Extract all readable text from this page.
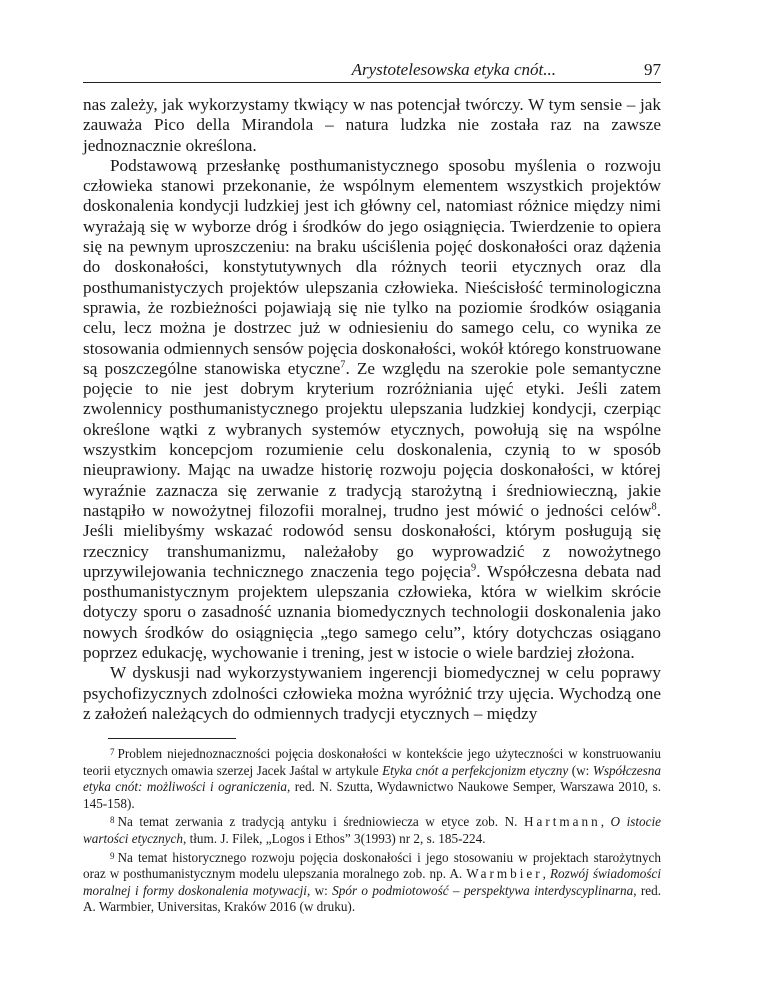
Arystotelesowska etyka cnót...	97

nas zależy, jak wykorzystamy tkwiący w nas potencjał twórczy. W tym sensie – jak zauważa Pico della Mirandola – natura ludzka nie została raz na zawsze jednoznacznie określona.

Podstawową przesłankę posthumanistycznego sposobu myślenia o rozwoju człowieka stanowi przekonanie, że wspólnym elementem wszystkich projektów doskonalenia kondycji ludzkiej jest ich główny cel, natomiast różnice między nimi wyrażają się w wyborze dróg i środków do jego osiągnięcia. Twierdzenie to opiera się na pewnym uproszczeniu: na braku uściślenia pojęć doskonałości oraz dążenia do doskonałości, konstytutywnych dla różnych teorii etycznych oraz dla posthumanistyczych projektów ulepszania człowieka. Nieścisłość terminologiczna sprawia, że rozbieżności pojawiają się nie tylko na poziomie środków osiągania celu, lecz można je dostrzec już w odniesieniu do samego celu, co wynika ze stosowania odmiennych sensów pojęcia doskonałości, wokół którego konstruowane są poszczególne stanowiska etyczne$^7$. Ze względu na szerokie pole semantyczne pojęcie to nie jest dobrym kryterium rozróżniania ujęć etyki. Jeśli zatem zwolennicy posthumanistycznego projektu ulepszania ludzkiej kondycji, czerpiąc określone wątki z wybranych systemów etycznych, powołują się na wspólne wszystkim koncepcjom rozumienie celu doskonalenia, czynią to w sposób nieuprawiony. Mając na uwadze historię rozwoju pojęcia doskonałości, w której wyraźnie zaznacza się zerwanie z tradycją starożytną i średniowieczną, jakie nastąpiło w nowożytnej filozofii moralnej, trudno jest mówić o jedności celów$^8$. Jeśli mielibyśmy wskazać rodowód sensu doskonałości, którym posługują się rzecznicy transhumanizmu, należałoby go wyprowadzić z nowożytnego uprzywilejowania technicznego znaczenia tego pojęcia$^9$. Współczesna debata nad posthumanistycznym projektem ulepszania człowieka, która w wielkim skrócie dotyczy sporu o zasadność uznania biomedycznych technologii doskonalenia jako nowych środków do osiągnięcia „tego samego celu”, który dotychczas osiągano poprzez edukację, wychowanie i trening, jest w istocie o wiele bardziej złożona.

W dyskusji nad wykorzystywaniem ingerencji biomedycznej w celu poprawy psychofizycznych zdolności człowieka można wyróżnić trzy ujęcia. Wychodzą one z założeń należących do odmiennych tradycji etycznych – między

$^7$ Problem niejednoznaczności pojęcia doskonałości w kontekście jego użyteczności w konstruowaniu teorii etycznych omawia szerzej Jacek Jaśtal w artykule Etyka cnót a perfekcjonizm etyczny (w: Współczesna etyka cnót: możliwości i ograniczenia, red. N. Szutta, Wydawnictwo Naukowe Semper, Warszawa 2010, s. 145-158).

$^8$ Na temat zerwania z tradycją antyku i średniowiecza w etyce zob. N. Hartmann, O istocie wartości etycznych, tłum. J. Filek, „Logos i Ethos” 3(1993) nr 2, s. 185-224.

$^9$ Na temat historycznego rozwoju pojęcia doskonałości i jego stosowaniu w projektach starożytnych oraz w posthumanistycznym modelu ulepszania moralnego zob. np. A. Warmbier, Rozwój świadomości moralnej i formy doskonalenia motywacji, w: Spór o podmiotowość – perspektywa interdyscyplinarna, red. A. Warmbier, Universitas, Kraków 2016 (w druku).
